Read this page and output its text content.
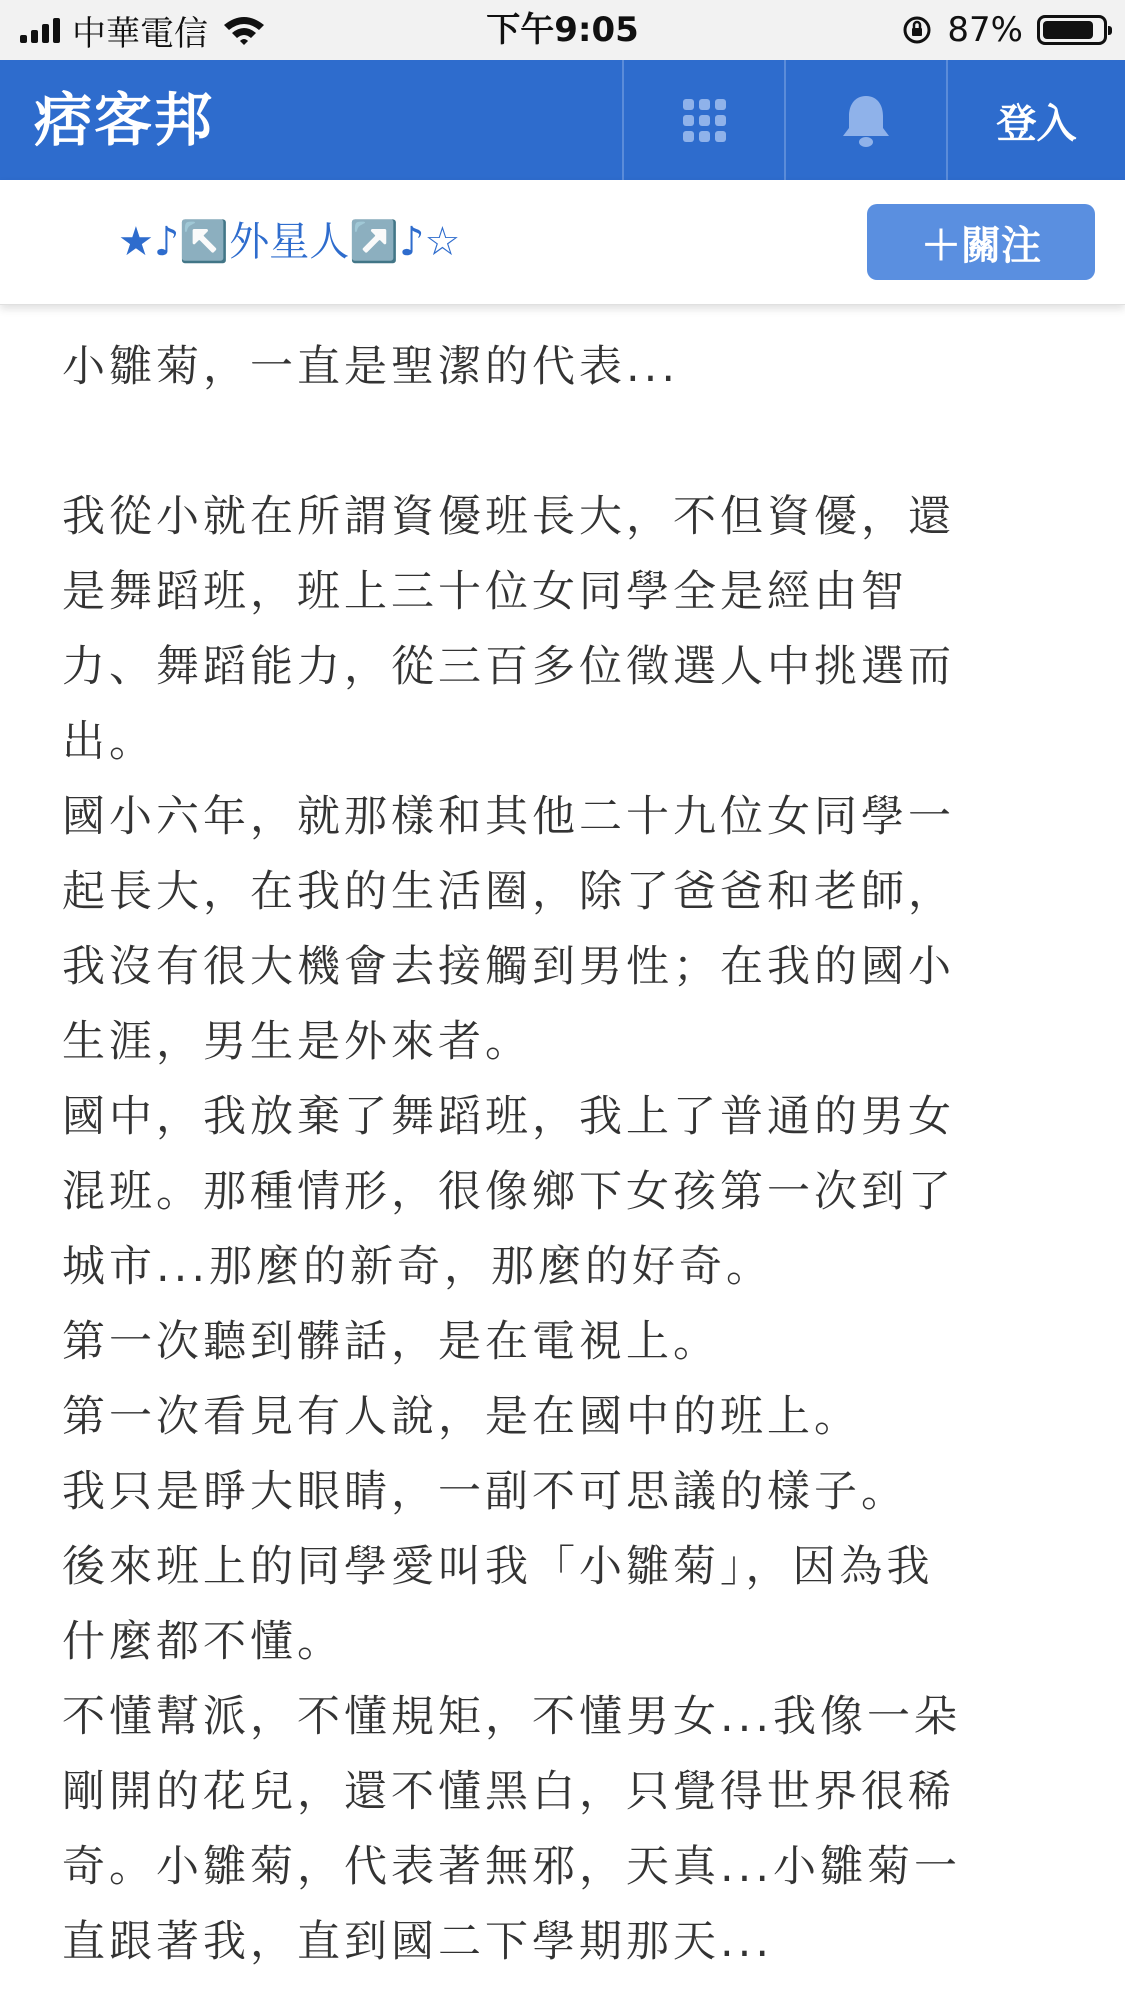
中華電信	下午9:05	87%
痞客邦	登入
★♪↖️外星人↗️♪☆	＋關注

小雛菊，一直是聖潔的代表...

我從小就在所謂資優班長大，不但資優，還

是舞蹈班，班上三十位女同學全是經由智

力、舞蹈能力，從三百多位徵選人中挑選而

出。

國小六年，就那樣和其他二十九位女同學一

起長大，在我的生活圈，除了爸爸和老師，

我沒有很大機會去接觸到男性；在我的國小

生涯，男生是外來者。

國中，我放棄了舞蹈班，我上了普通的男女

混班。那種情形，很像鄉下女孩第一次到了

城市...那麼的新奇，那麼的好奇。

第一次聽到髒話，是在電視上。

第一次看見有人說，是在國中的班上。

我只是睜大眼睛，一副不可思議的樣子。

後來班上的同學愛叫我「小雛菊」，因為我

什麼都不懂。

不懂幫派，不懂規矩，不懂男女...我像一朵

剛開的花兒，還不懂黑白，只覺得世界很稀

奇。小雛菊，代表著無邪，天真...小雛菊一

直跟著我，直到國二下學期那天...
